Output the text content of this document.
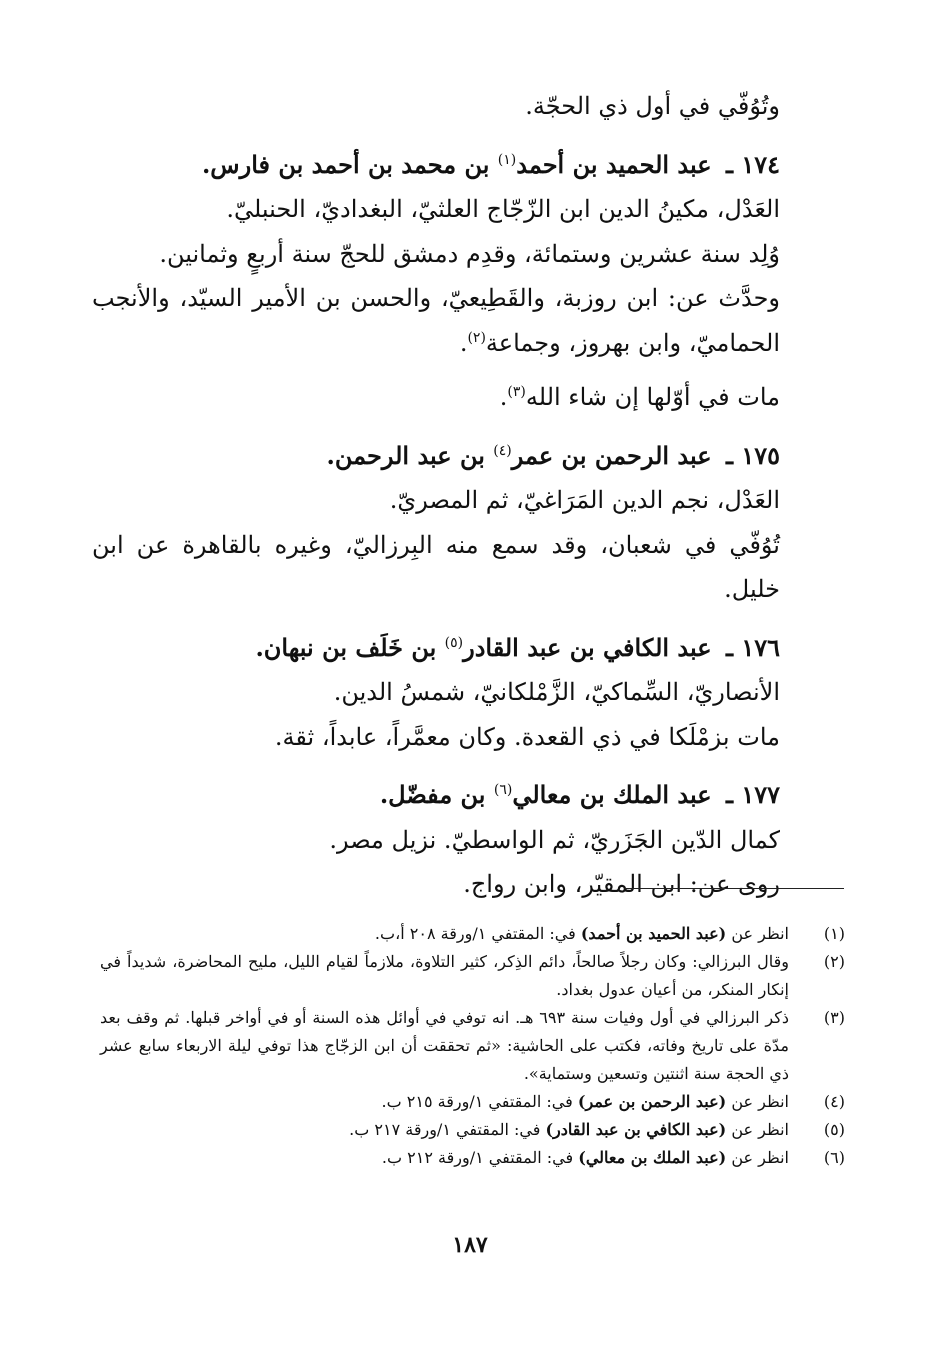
وتُوُفّي في أول ذي الحجّة.
١٧٤ ـ عبد الحميد بن أحمد$^{(١)}$ بن محمد بن أحمد بن فارس.
العَدْل، مكينُ الدين ابن الزّجّاج العلثيّ، البغداديّ، الحنبليّ.
وُلِد سنة عشرين وستمائة، وقدِم دمشق للحجّ سنة أربعٍ وثمانين.
وحدَّث عن: ابن روزبة، والقَطِيعيّ، والحسن بن الأمير السيّد، والأنجب الحماميّ، وابن بهروز، وجماعة$^{(٢)}$.
مات في أوّلها إن شاء الله$^{(٣)}$.
١٧٥ ـ عبد الرحمن بن عمر$^{(٤)}$ بن عبد الرحمن.
العَدْل، نجم الدين المَرَاغيّ، ثم المصريّ.
تُوُفّي في شعبان، وقد سمع منه البِرزاليّ، وغيره بالقاهرة عن ابن خليل.
١٧٦ ـ عبد الكافي بن عبد القادر$^{(٥)}$ بن خَلَف بن نبهان.
الأنصاريّ، السِّماكيّ، الزَّمْلكانيّ، شمسُ الدين.
مات بزمْلَكا في ذي القعدة. وكان معمَّراً، عابداً، ثقة.
١٧٧ ـ عبد الملك بن معالي$^{(٦)}$ بن مفضّل.
كمال الدّين الجَزَريّ، ثم الواسطيّ. نزيل مصر.
روى عن: ابن المقيّر، وابن رواج.
(١)
انظر عن (عبد الحميد بن أحمد) في: المقتفي ١/ورقة ٢٠٨ أ،ب.
(٢)
وقال البرزالي: وكان رجلاً صالحاً، دائم الذِكر، كثير التلاوة، ملازماً لقيام الليل، مليح المحاضرة، شديداً في إنكار المنكر، من أعيان عدول بغداد.
(٣)
ذكر البرزالي في أول وفيات سنة ٦٩٣ هـ. انه توفي في أوائل هذه السنة أو في أواخر قبلها. ثم وقف بعد مدّة على تاريخ وفاته، فكتب على الحاشية: «ثم تحققت أن ابن الزجّاج هذا توفي ليلة الاربعاء سابع عشر ذي الحجة سنة اثنتين وتسعين وستماية».
(٤)
انظر عن (عبد الرحمن بن عمر) في: المقتفي ١/ورقة ٢١٥ ب.
(٥)
انظر عن (عبد الكافي بن عبد القادر) في: المقتفي ١/ورقة ٢١٧ ب.
(٦)
انظر عن (عبد الملك بن معالي) في: المقتفي ١/ورقة ٢١٢ ب.
١٨٧
